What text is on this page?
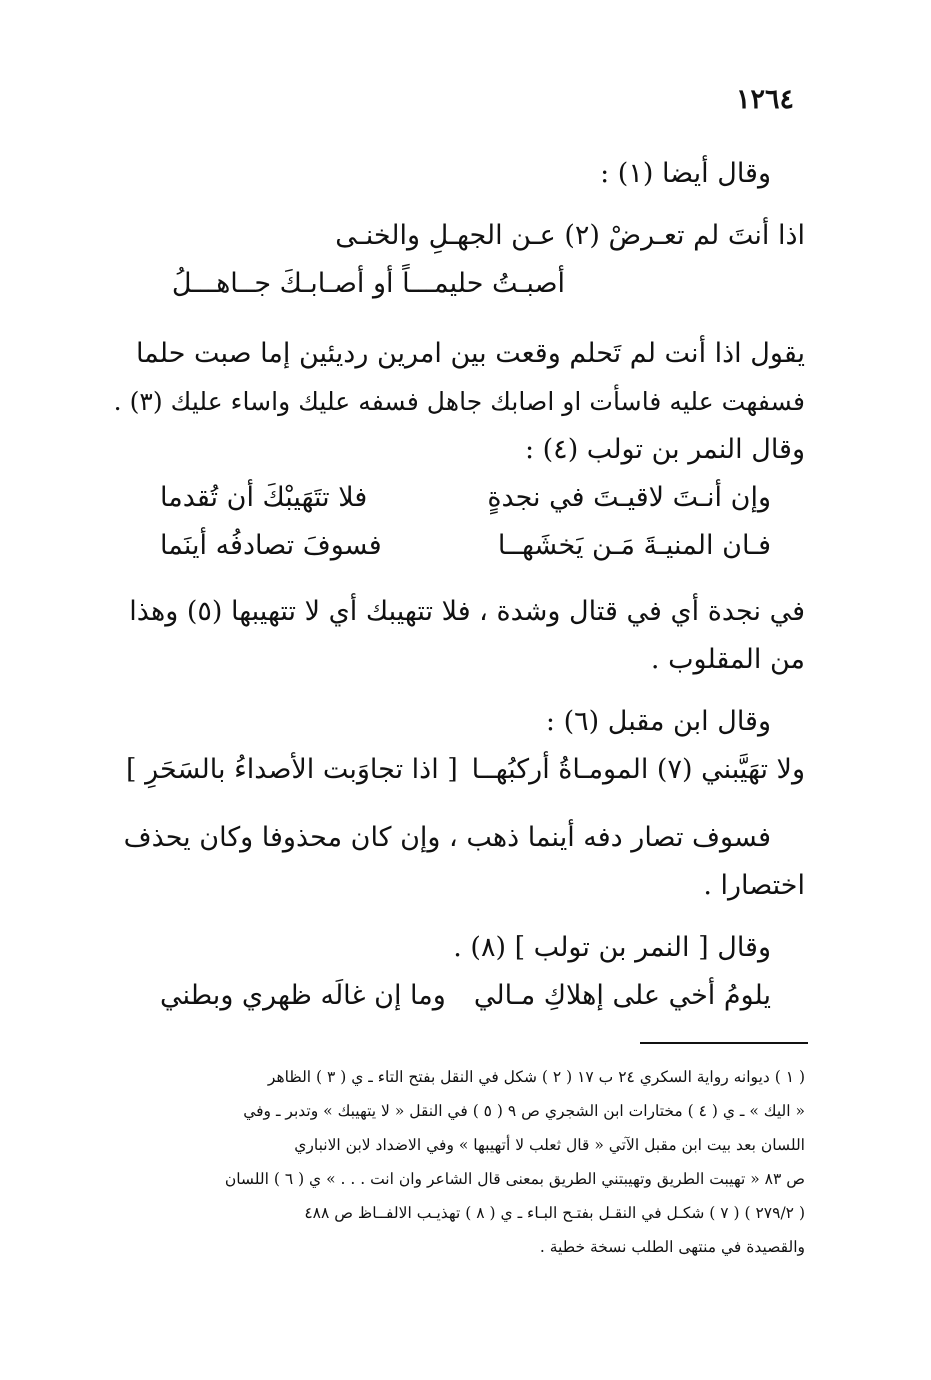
١٢٦٤
وقال أيضا (١) :
اذا أنتَ لم تعـرضْ (٢) عـن الجهـلِ والخنـى
أصبـتُ حليمـــاً أو أصـابـكَ جــاهـــلُ
يقول اذا أنت لم تَحلم وقعت بين امرين رديئين إما صبت حلما
فسفهت عليه فاسأت او اصابك جاهل فسفه عليك واساء عليك (٣) .
وقال النمر بن تولب (٤) :
وإن أنـتَ لاقيـتَ في نجدةٍ
فلا تتَهَيبْكَ أن تُقدما
فـان المنيـةَ مَـن يَخشَهــا
فسوفَ تصادفُه أينَما
في نجدة أي في قتال وشدة ، فلا تتهيبك أي لا تتهيبها (٥) وهذا
من المقلوب .
وقال ابن مقبل (٦) :
ولا تهَيَّبني (٧) المومـاةُ أركبُهــا
[ اذا تجاوَبت الأصداءُ بالسَحَرِ ]
فسوف تصار دفه أينما ذهب ، وإن كان محذوفا وكان يحذف
اختصارا .
وقال [ النمر بن تولب ] (٨) .
يلومُ أخي على إهلاكِ مـالي
وما إن غالَه ظهري وبطني
( ١ ) ديوانه رواية السكري ٢٤ ب ١٧ ( ٢ ) شكل في النقل بفتح التاء ـ ي ( ٣ ) الظاهر
« اليك » ـ ي ( ٤ ) مختارات ابن الشجري ص ٩ ( ٥ ) في النقل « لا يتهيبك » وتدبر ـ وفي
اللسان بعد بيت ابن مقبل الآتي « قال ثعلب لا أتهيبها » وفي الاضداد لابن الانباري
ص ٨٣ « تهيبت الطريق وتهيبتني الطريق بمعنى قال الشاعر وان انت . . . » ي ( ٦ ) اللسان
( ٢٧٩/٢ ) ( ٧ ) شكـل في النقـل بفتـح البـاء ـ ي ( ٨ ) تهذيـب الالفــاظ ص ٤٨٨
والقصيدة في منتهى الطلب نسخة خطية .
